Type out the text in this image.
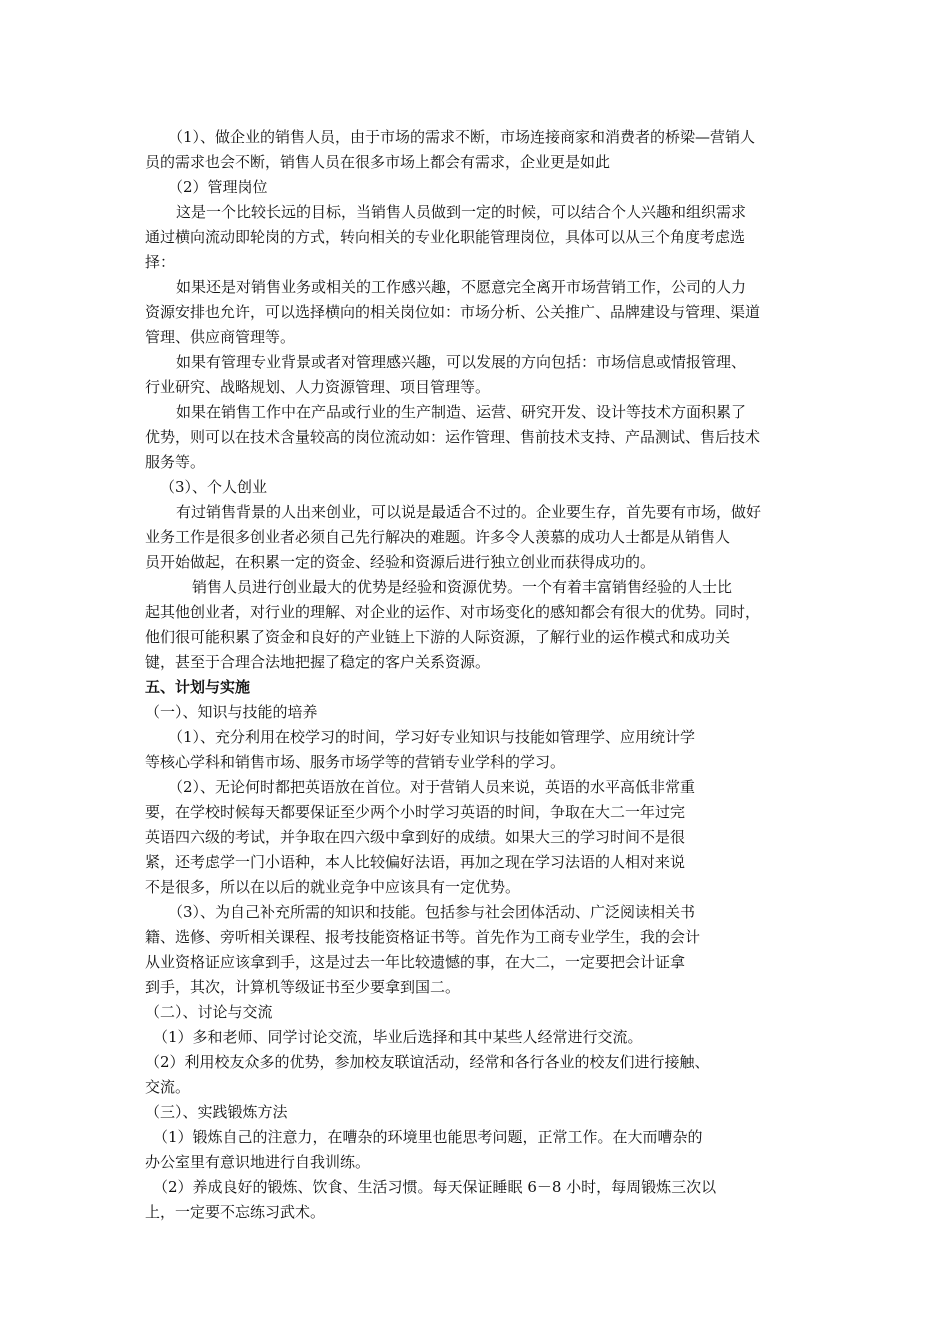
（1）、做企业的销售人员，由于市场的需求不断，市场连接商家和消费者的桥梁—营销人
员的需求也会不断，销售人员在很多市场上都会有需求，企业更是如此
（2）管理岗位
这是一个比较长远的目标，当销售人员做到一定的时候，可以结合个人兴趣和组织需求
通过横向流动即轮岗的方式，转向相关的专业化职能管理岗位，具体可以从三个角度考虑选
择：
如果还是对销售业务或相关的工作感兴趣，不愿意完全离开市场营销工作，公司的人力
资源安排也允许，可以选择横向的相关岗位如：市场分析、公关推广、品牌建设与管理、渠道
管理、供应商管理等。
如果有管理专业背景或者对管理感兴趣，可以发展的方向包括：市场信息或情报管理、
行业研究、战略规划、人力资源管理、项目管理等。
如果在销售工作中在产品或行业的生产制造、运营、研究开发、设计等技术方面积累了
优势，则可以在技术含量较高的岗位流动如：运作管理、售前技术支持、产品测试、售后技术
服务等。
（3）、个人创业
有过销售背景的人出来创业，可以说是最适合不过的。企业要生存，首先要有市场，做好
业务工作是很多创业者必须自己先行解决的难题。许多令人羡慕的成功人士都是从销售人
员开始做起，在积累一定的资金、经验和资源后进行独立创业而获得成功的。
销售人员进行创业最大的优势是经验和资源优势。一个有着丰富销售经验的人士比
起其他创业者，对行业的理解、对企业的运作、对市场变化的感知都会有很大的优势。同时，
他们很可能积累了资金和良好的产业链上下游的人际资源，了解行业的运作模式和成功关
键，甚至于合理合法地把握了稳定的客户关系资源。
五、计划与实施
（一）、知识与技能的培养
（1）、充分利用在校学习的时间，学习好专业知识与技能如管理学、应用统计学
等核心学科和销售市场、服务市场学等的营销专业学科的学习。
（2）、无论何时都把英语放在首位。对于营销人员来说，英语的水平高低非常重
要，在学校时候每天都要保证至少两个小时学习英语的时间，争取在大二一年过完
英语四六级的考试，并争取在四六级中拿到好的成绩。如果大三的学习时间不是很
紧，还考虑学一门小语种，本人比较偏好法语，再加之现在学习法语的人相对来说
不是很多，所以在以后的就业竞争中应该具有一定优势。
（3）、为自己补充所需的知识和技能。包括参与社会团体活动、广泛阅读相关书
籍、选修、旁听相关课程、报考技能资格证书等。首先作为工商专业学生，我的会计
从业资格证应该拿到手，这是过去一年比较遗憾的事，在大二，一定要把会计证拿
到手，其次，计算机等级证书至少要拿到国二。
（二）、讨论与交流
（1）多和老师、同学讨论交流，毕业后选择和其中某些人经常进行交流。
（2）利用校友众多的优势，参加校友联谊活动，经常和各行各业的校友们进行接触、
交流。
（三）、实践锻炼方法
（1）锻炼自己的注意力，在嘈杂的环境里也能思考问题，正常工作。在大而嘈杂的
办公室里有意识地进行自我训练。
（2）养成良好的锻炼、饮食、生活习惯。每天保证睡眠 6－8 小时，每周锻炼三次以
上，一定要不忘练习武术。
